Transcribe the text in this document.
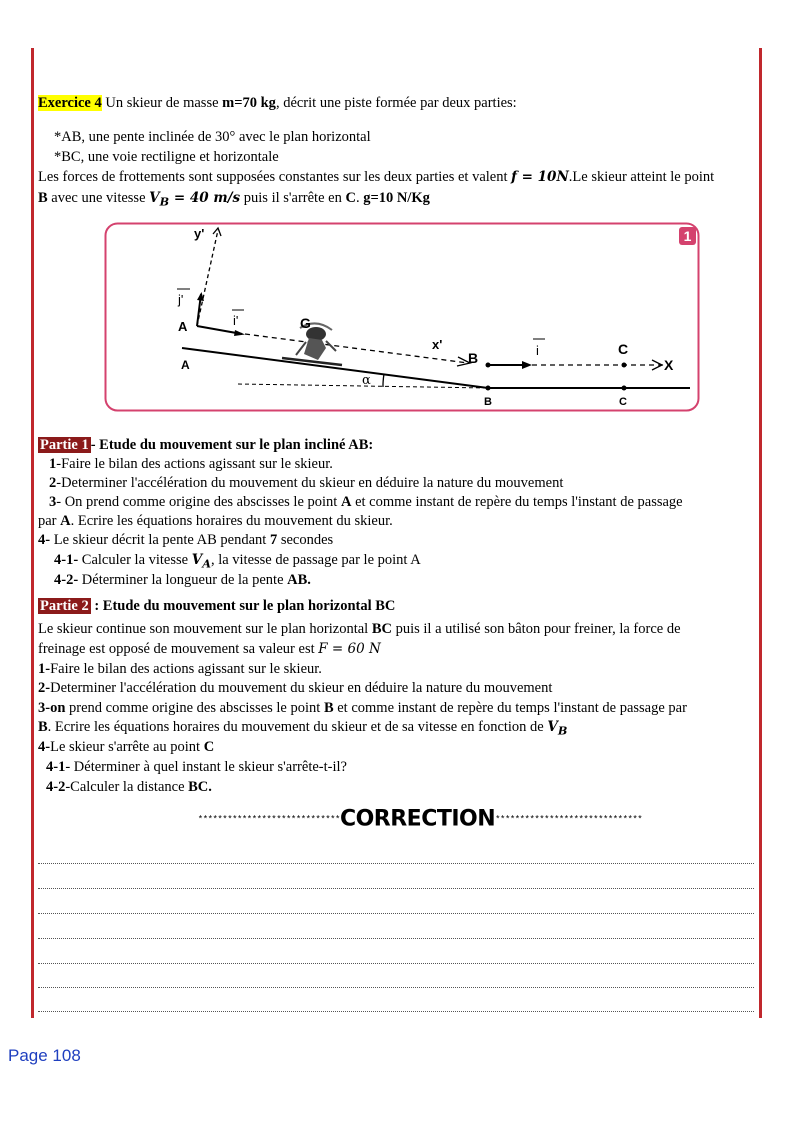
Exercice 4 Un skieur de masse m=70 kg, décrit une piste formée par deux parties:
*AB, une pente inclinée de 30° avec le plan horizontal
*BC, une voie rectiligne et horizontale
Les forces de frottements sont supposées constantes sur les deux parties et valent f = 10N.Le skieur atteint le point
B avec une vitesse $V_B = 40$ m/s puis il s'arrête en C. g=10 N/Kg
1
α
y'
j'
i'
x'
A
A
G
B	i
X
C
B	C
Partie 1 - Etude du mouvement sur le plan incliné AB:
1-Faire le bilan des actions agissant sur le skieur.
2-Determiner l'accélération du mouvement du skieur en déduire la nature du mouvement
3- On prend comme origine des abscisses le point A et comme instant de repère du temps l'instant de passage
par A. Ecrire les équations horaires du mouvement du skieur.
4- Le skieur décrit la pente AB pendant 7 secondes
4-1- Calculer la vitesse $V_A$, la vitesse de passage par le point A
4-2- Déterminer la longueur de la pente AB.
Partie 2 : Etude du mouvement sur le plan horizontal BC
Le skieur continue son mouvement sur le plan horizontal BC puis il a utilisé son bâton pour freiner, la force de
freinage est opposé de mouvement sa valeur est F = 60 N
1-Faire le bilan des actions agissant sur le skieur.
2-Determiner l'accélération du mouvement du skieur en déduire la nature du mouvement
3-on prend comme origine des abscisses le point B et comme instant de repère du temps l'instant de passage par
B. Ecrire les équations horaires du mouvement du skieur et de sa vitesse en fonction de $V_B$
4-Le skieur s'arrête au point C
4-1- Déterminer à quel instant le skieur s'arrête-t-il?
4-2-Calculer la distance BC.
*****************************CORRECTION******************************
Page 108
